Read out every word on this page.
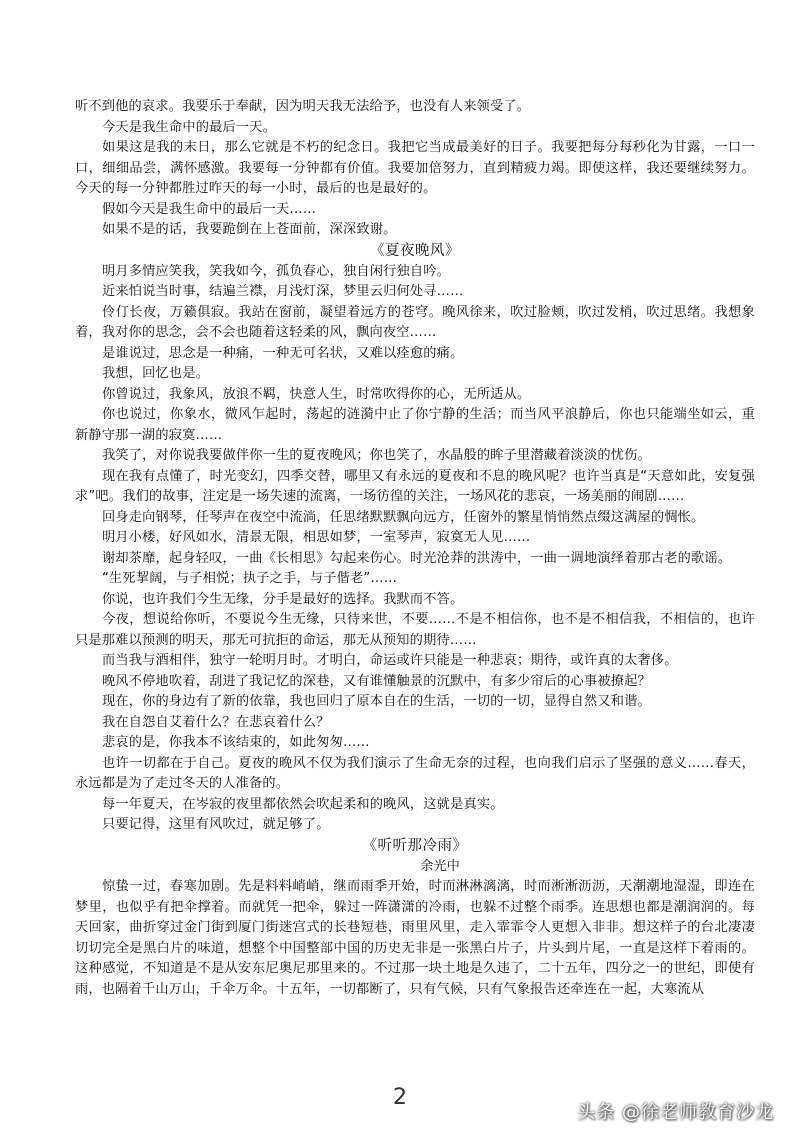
听不到他的哀求。我要乐于奉献，因为明天我无法给予，也没有人来领受了。

今天是我生命中的最后一天。

如果这是我的末日，那么它就是不朽的纪念日。我把它当成最美好的日子。我要把每分每秒化为甘露，一口一口，细细品尝，满怀感激。我要每一分钟都有价值。我要加倍努力，直到精疲力竭。即使这样，我还要继续努力。今天的每一分钟都胜过昨天的每一小时，最后的也是最好的。

假如今天是我生命中的最后一天……

如果不是的话，我要跪倒在上苍面前，深深致谢。

《夏夜晚风》

明月多情应笑我，笑我如今，孤负春心，独自闲行独自吟。

近来怕说当时事，结遍兰襟，月浅灯深，梦里云归何处寻……

伶仃长夜，万籁俱寂。我站在窗前，凝望着远方的苍穹。晚风徐来，吹过脸颊，吹过发梢，吹过思绪。我想象着，我对你的思念，会不会也随着这轻柔的风，飘向夜空……

是谁说过，思念是一种痛，一种无可名状，又难以痊愈的痛。

我想，回忆也是。

你曾说过，我象风，放浪不羁，快意人生，时常吹得你的心，无所适从。

你也说过，你象水，微风乍起时，荡起的涟漪中止了你宁静的生活；而当风平浪静后，你也只能端坐如云，重新静守那一湖的寂寞……

我笑了，对你说我要做伴你一生的夏夜晚风；你也笑了，水晶般的眸子里潜藏着淡淡的忧伤。

现在我有点懂了，时光变幻，四季交替，哪里又有永远的夏夜和不息的晚风呢？也许当真是“天意如此，安复强求”吧。我们的故事，注定是一场失速的流离，一场彷徨的关注，一场风花的悲哀，一场美丽的闹剧……

回身走向钢琴，任琴声在夜空中流淌，任思绪默默飘向远方，任窗外的繁星悄悄然点缀这满屋的惆怅。

明月小楼，好风如水，清景无限，相思如梦，一室琴声，寂寞无人见……

谢却茶靡，起身轻叹，一曲《长相思》勾起来伤心。时光沧莽的洪涛中，一曲一调地演绎着那古老的歌谣。

“生死挈阔，与子相悦；执子之手，与子偕老”……

你说，也许我们今生无缘，分手是最好的选择。我默而不答。

今夜，想说给你听，不要说今生无缘，只待来世，不要……不是不相信你，也不是不相信我，不相信的，也许只是那难以预测的明天，那无可抗拒的命运，那无从预知的期待……

而当我与酒相伴，独守一轮明月时。才明白，命运或许只能是一种悲哀；期待，或许真的太奢侈。

晚风不停地吹着，刮进了我记忆的深巷，又有谁懂触景的沉默中，有多少帘后的心事被撩起？

现在，你的身边有了新的依靠，我也回归了原本自在的生活，一切的一切，显得自然又和谐。

我在自怨自艾着什么？在悲哀着什么？

悲哀的是，你我本不该结束的，如此匆匆……

也许一切都在于自己。夏夜的晚风不仅为我们演示了生命无奈的过程，也向我们启示了坚强的意义……春天，永远都是为了走过冬天的人准备的。

每一年夏天，在岑寂的夜里都依然会吹起柔和的晚风，这就是真实。

只要记得，这里有风吹过，就足够了。

《听听那冷雨》
余光中

惊蛰一过，春寒加剧。先是料料峭峭，继而雨季开始，时而淋淋漓漓，时而淅淅沥沥，天潮潮地湿湿，即连在梦里，也似乎有把伞撑着。而就凭一把伞，躲过一阵潇潇的冷雨，也躲不过整个雨季。连思想也都是潮润润的。每天回家，曲折穿过金门街到厦门街迷宫式的长巷短巷，雨里风里，走入霏霏令人更想入非非。想这样子的台北凄凄切切完全是黑白片的味道，想整个中国整部中国的历史无非是一张黑白片子，片头到片尾，一直是这样下着雨的。这种感觉，不知道是不是从安东尼奥尼那里来的。不过那一块土地是久违了，二十五年，四分之一的世纪，即使有雨，也隔着千山万山，千伞万伞。十五年，一切都断了，只有气候，只有气象报告还牵连在一起，大寒流从

2
头条 @徐老师教育沙龙
